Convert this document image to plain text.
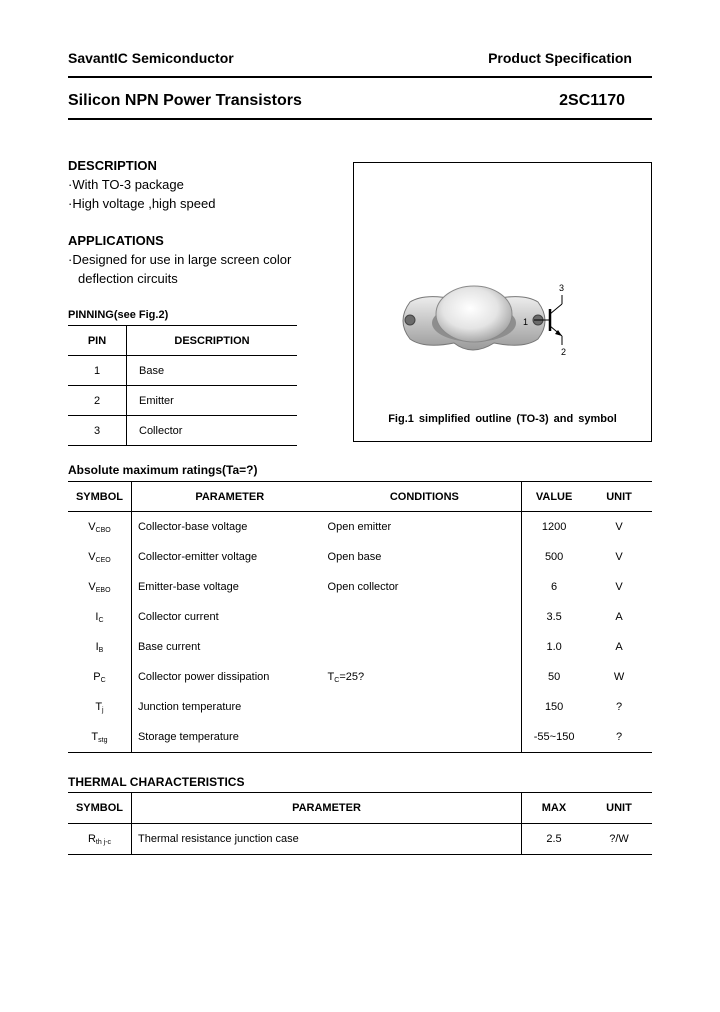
SavantIC Semiconductor	Product Specification
Silicon NPN Power Transistors	2SC1170
DESCRIPTION
·With TO-3 package
·High voltage ,high speed
APPLICATIONS
·Designed for use in large screen color
deflection circuits
PINNING(see Fig.2)
PIN	DESCRIPTION
1	Base
2	Emitter
3	Collector
1
2
3
Fig.1 simplified outline (TO-3) and symbol
Absolute maximum ratings(Ta=?)
SYMBOL	PARAMETER	CONDITIONS	VALUE	UNIT
$V_{CBO}$	Collector-base voltage	Open emitter	1200	V
$V_{CEO}$	Collector-emitter voltage	Open base	500	V
$V_{EBO}$	Emitter-base voltage	Open collector	6	V
$I_C$	Collector current		3.5	A
$I_B$	Base current		1.0	A
$P_C$	Collector power dissipation	$T_C=25$?	50	W
$T_j$	Junction temperature		150	?
$T_{stg}$	Storage temperature		-55~150	?
THERMAL CHARACTERISTICS
SYMBOL	PARAMETER	MAX	UNIT
$R_{th j-c}$	Thermal resistance junction case	2.5	?/W
